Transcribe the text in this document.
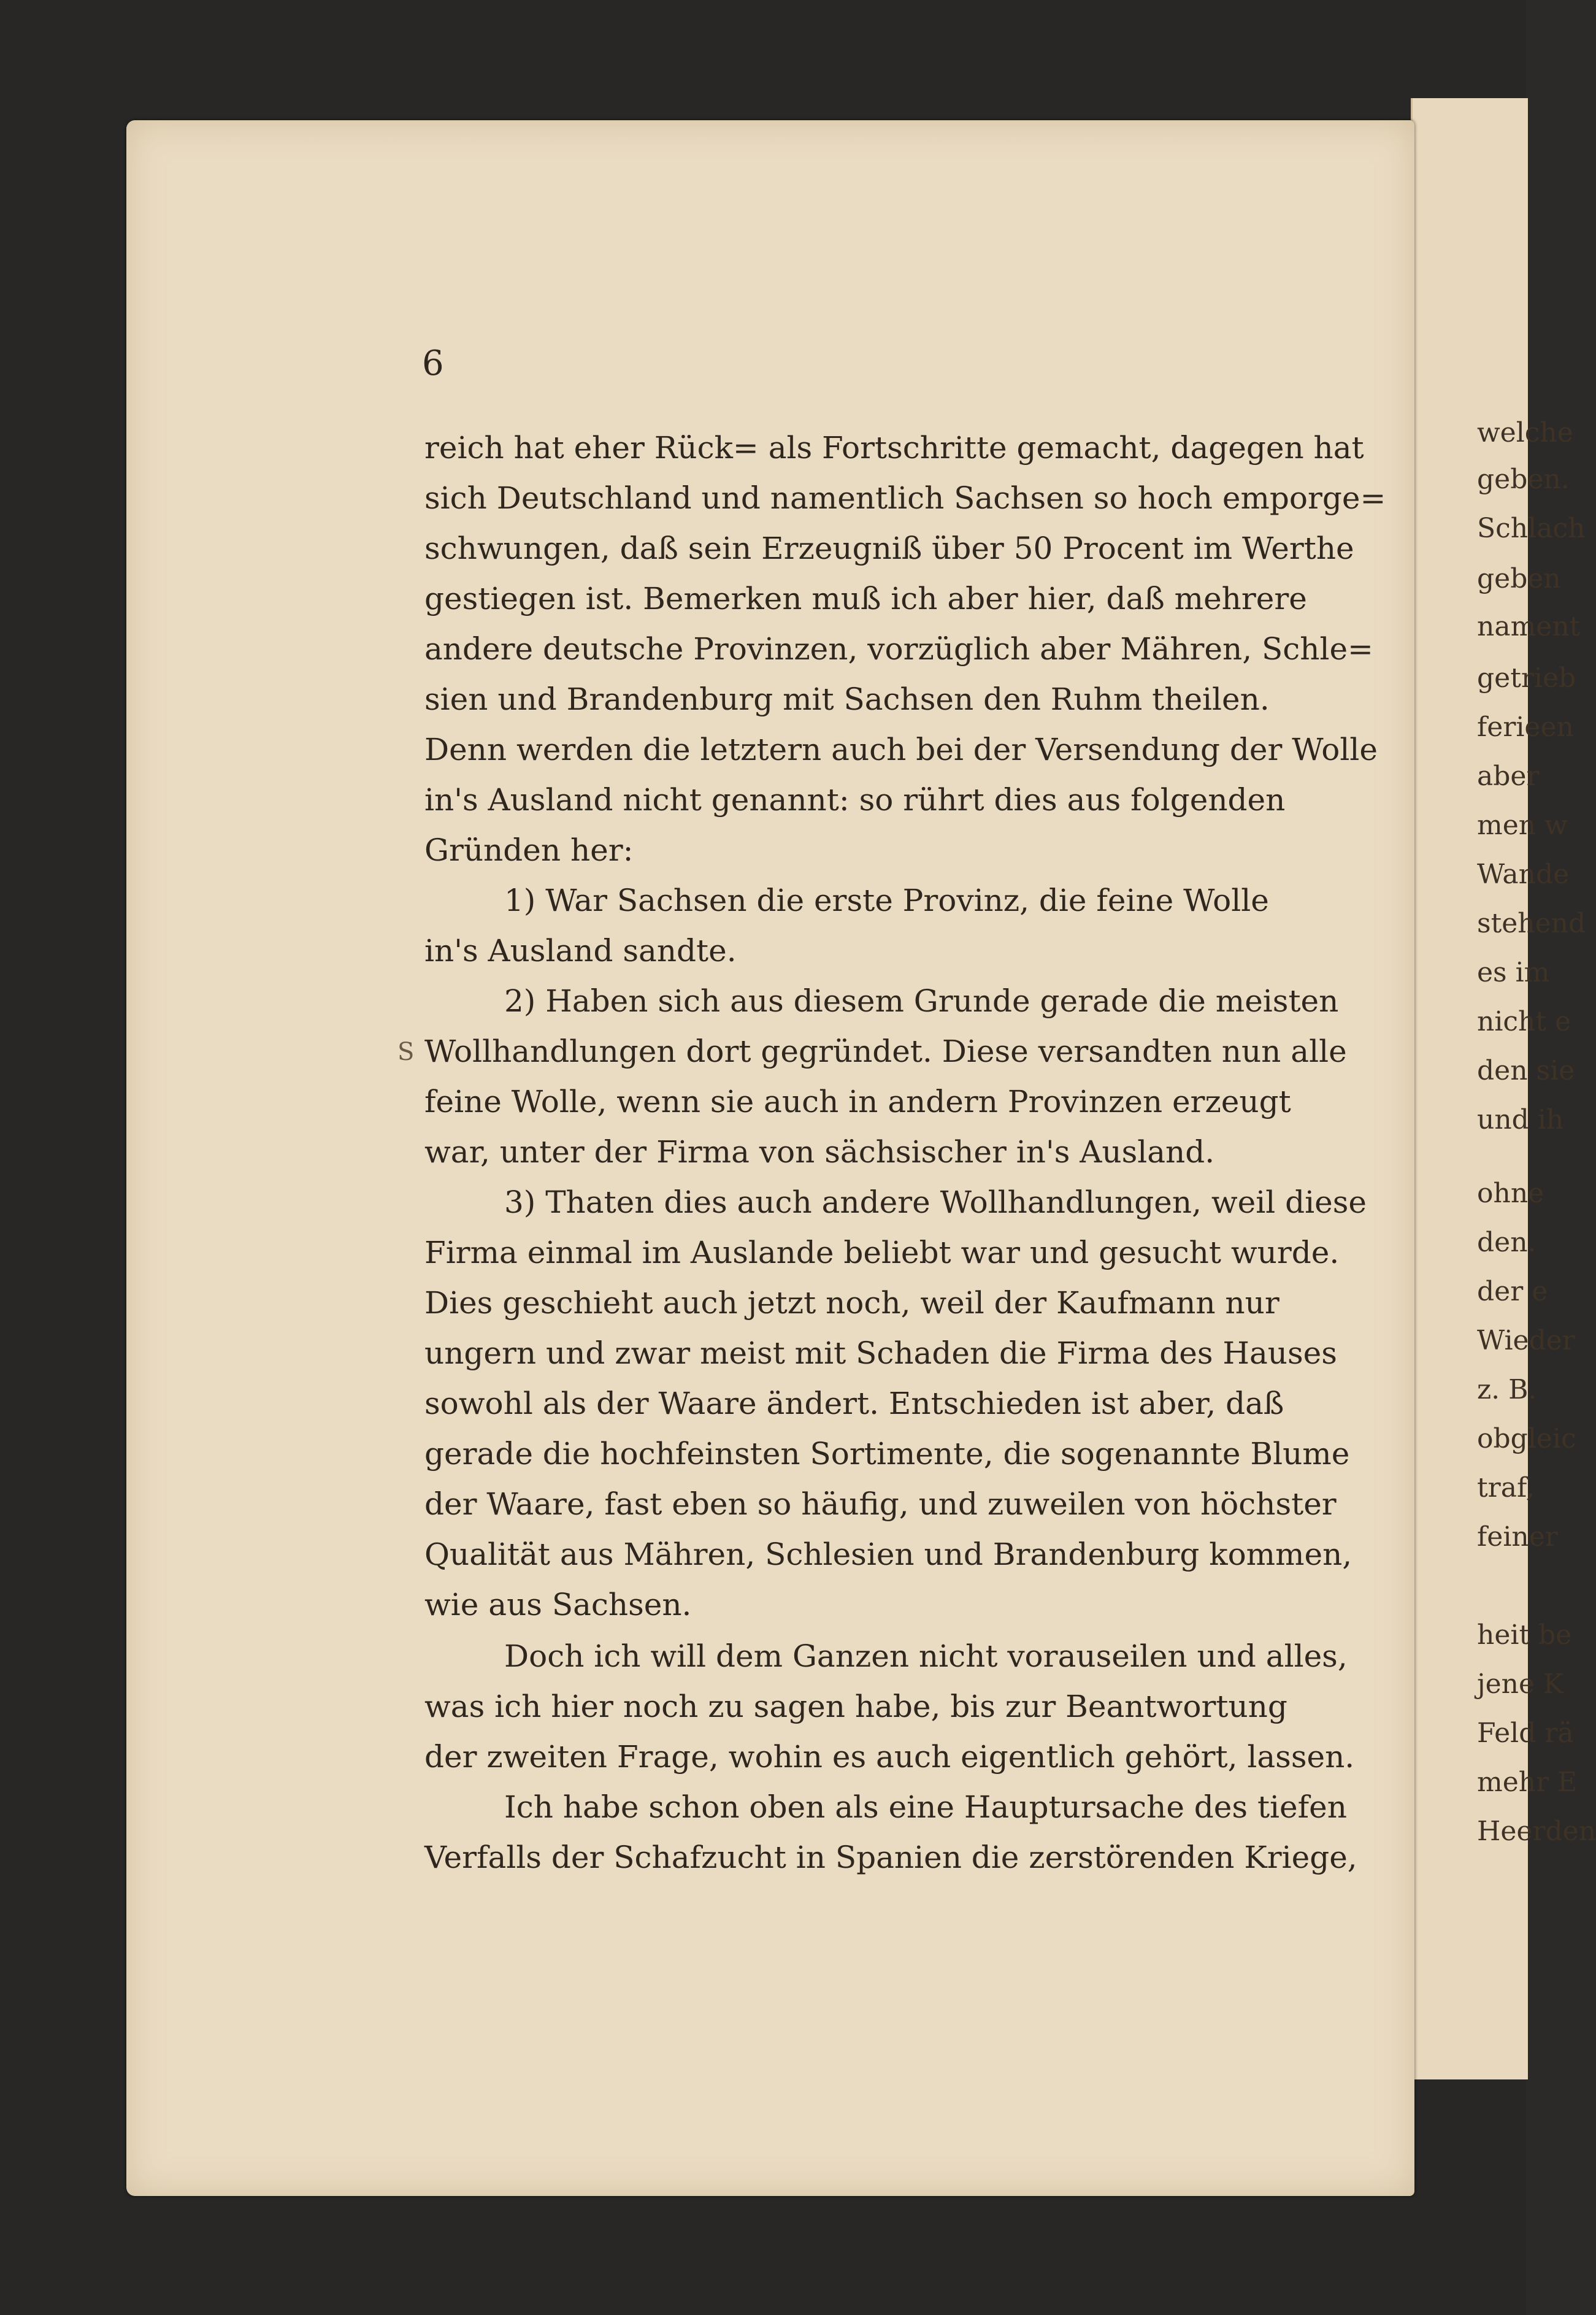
welche
geben.
Schlach
geben
nament
getrieb
ferieen
aber
men w
Wande
stehend
es im
nicht e
den sie
und ih
ohne
den.
der e
Wieder
z. B.
obgleic
traf,
feiner
heit be
jene K
Feld rä
mehr E
Heerden
6
S
reich hat eher Rück= als Fortschritte gemacht, dagegen hat
sich Deutschland und namentlich Sachsen so hoch emporge=
schwungen, daß sein Erzeugniß über 50 Procent im Werthe
gestiegen ist. Bemerken muß ich aber hier, daß mehrere
andere deutsche Provinzen, vorzüglich aber Mähren, Schle=
sien und Brandenburg mit Sachsen den Ruhm theilen.
Denn werden die letztern auch bei der Versendung der Wolle
in's Ausland nicht genannt: so rührt dies aus folgenden
Gründen her:
1) War Sachsen die erste Provinz, die feine Wolle
in's Ausland sandte.
2) Haben sich aus diesem Grunde gerade die meisten
Wollhandlungen dort gegründet. Diese versandten nun alle
feine Wolle, wenn sie auch in andern Provinzen erzeugt
war, unter der Firma von sächsischer in's Ausland.
3) Thaten dies auch andere Wollhandlungen, weil diese
Firma einmal im Auslande beliebt war und gesucht wurde.
Dies geschieht auch jetzt noch, weil der Kaufmann nur
ungern und zwar meist mit Schaden die Firma des Hauses
sowohl als der Waare ändert. Entschieden ist aber, daß
gerade die hochfeinsten Sortimente, die sogenannte Blume
der Waare, fast eben so häufig, und zuweilen von höchster
Qualität aus Mähren, Schlesien und Brandenburg kommen,
wie aus Sachsen.
Doch ich will dem Ganzen nicht vorauseilen und alles,
was ich hier noch zu sagen habe, bis zur Beantwortung
der zweiten Frage, wohin es auch eigentlich gehört, lassen.
Ich habe schon oben als eine Hauptursache des tiefen
Verfalls der Schafzucht in Spanien die zerstörenden Kriege,
